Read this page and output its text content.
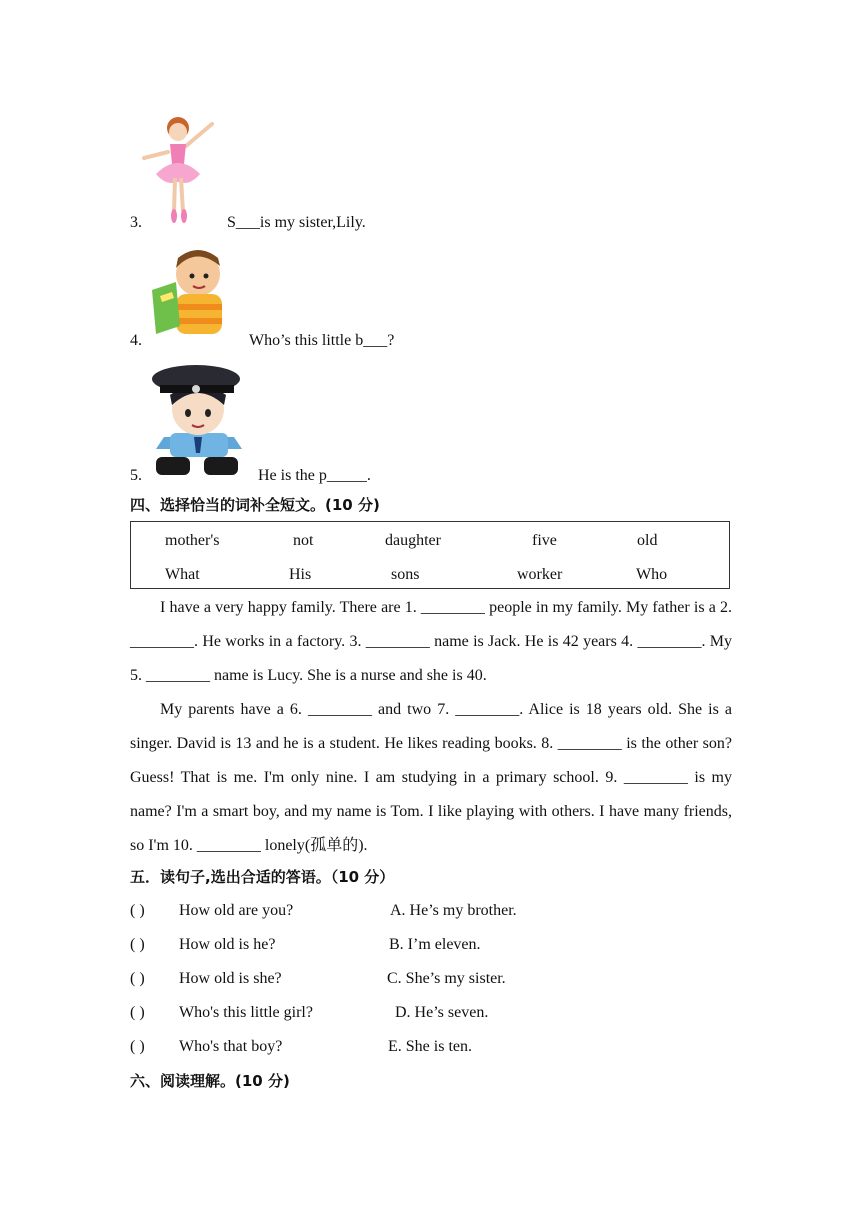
3.	S___is my sister,Lily.
4.	Who’s this little b___?
5.	He is the p_____.
四、选择恰当的词补全短文。(10 分)
mother's	not	daughter	five	old
What	His	sons	worker	Who

I have a very happy family. There are 1. ________ people in my family. My father is a 2. ________. He works in a factory. 3. ________ name is Jack. He is 42 years 4. ________. My 5. ________ name is Lucy. She is a nurse and she is 40.

My parents have a 6. ________ and two 7. ________. Alice is 18 years old. She is a singer. David is 13 and he is a student. He likes reading books. 8. ________ is the other son? Guess! That is me. I'm only nine. I am studying in a primary school. 9. ________ is my name? I'm a smart boy, and my name is Tom. I like playing with others. I have many friends, so I'm 10. ________ lonely(孤单的).

五．读句子,选出合适的答语。（10 分）
( ) How old are you?	A. He’s my brother.
( ) How old is he?	B. I’m eleven.
( ) How old is she?	C. She’s my sister.
( ) Who's this little girl?	D. He’s seven.
( ) Who's that boy?	E. She is ten.
六、阅读理解。(10 分)
